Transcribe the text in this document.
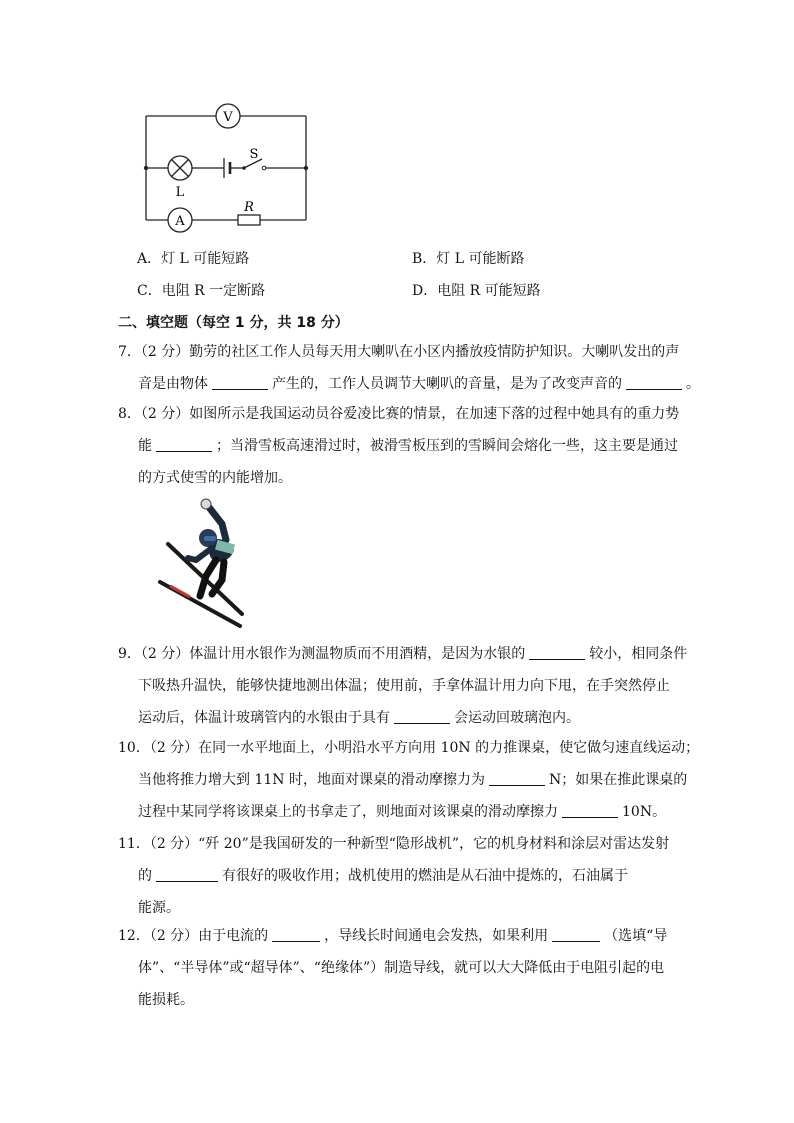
V
L
S
A
R
A．灯 L 可能短路	B．灯 L 可能断路
C．电阻 R 一定断路	D．电阻 R 可能短路
二、填空题（每空 1 分，共 18 分）
7．（2 分）勤劳的社区工作人员每天用大喇叭在小区内播放疫情防护知识。大喇叭发出的声
音是由物体	产生的，工作人员调节大喇叭的音量，是为了改变声音的	。
8．（2 分）如图所示是我国运动员谷爱凌比赛的情景，在加速下落的过程中她具有的重力势
能	；当滑雪板高速滑过时，被滑雪板压到的雪瞬间会熔化一些，这主要是通过
的方式使雪的内能增加。
9．（2 分）体温计用水银作为测温物质而不用酒精，是因为水银的	较小，相同条件
下吸热升温快，能够快捷地测出体温；使用前，手拿体温计用力向下甩，在手突然停止
运动后，体温计玻璃管内的水银由于具有	会运动回玻璃泡内。
10．（2 分）在同一水平地面上，小明沿水平方向用 10N 的力推课桌，使它做匀速直线运动；
当他将推力增大到 11N 时，地面对课桌的滑动摩擦力为	N；如果在推此课桌的
过程中某同学将该课桌上的书拿走了，则地面对该课桌的滑动摩擦力	10N。
11．（2 分）“歼 20”是我国研发的一种新型“隐形战机”，它的机身材料和涂层对雷达发射
的	有很好的吸收作用；战机使用的燃油是从石油中提炼的，石油属于
能源。
12．（2 分）由于电流的	，导线长时间通电会发热，如果利用	（选填“导
体”、“半导体”或“超导体”、“绝缘体”）制造导线，就可以大大降低由于电阻引起的电
能损耗。
